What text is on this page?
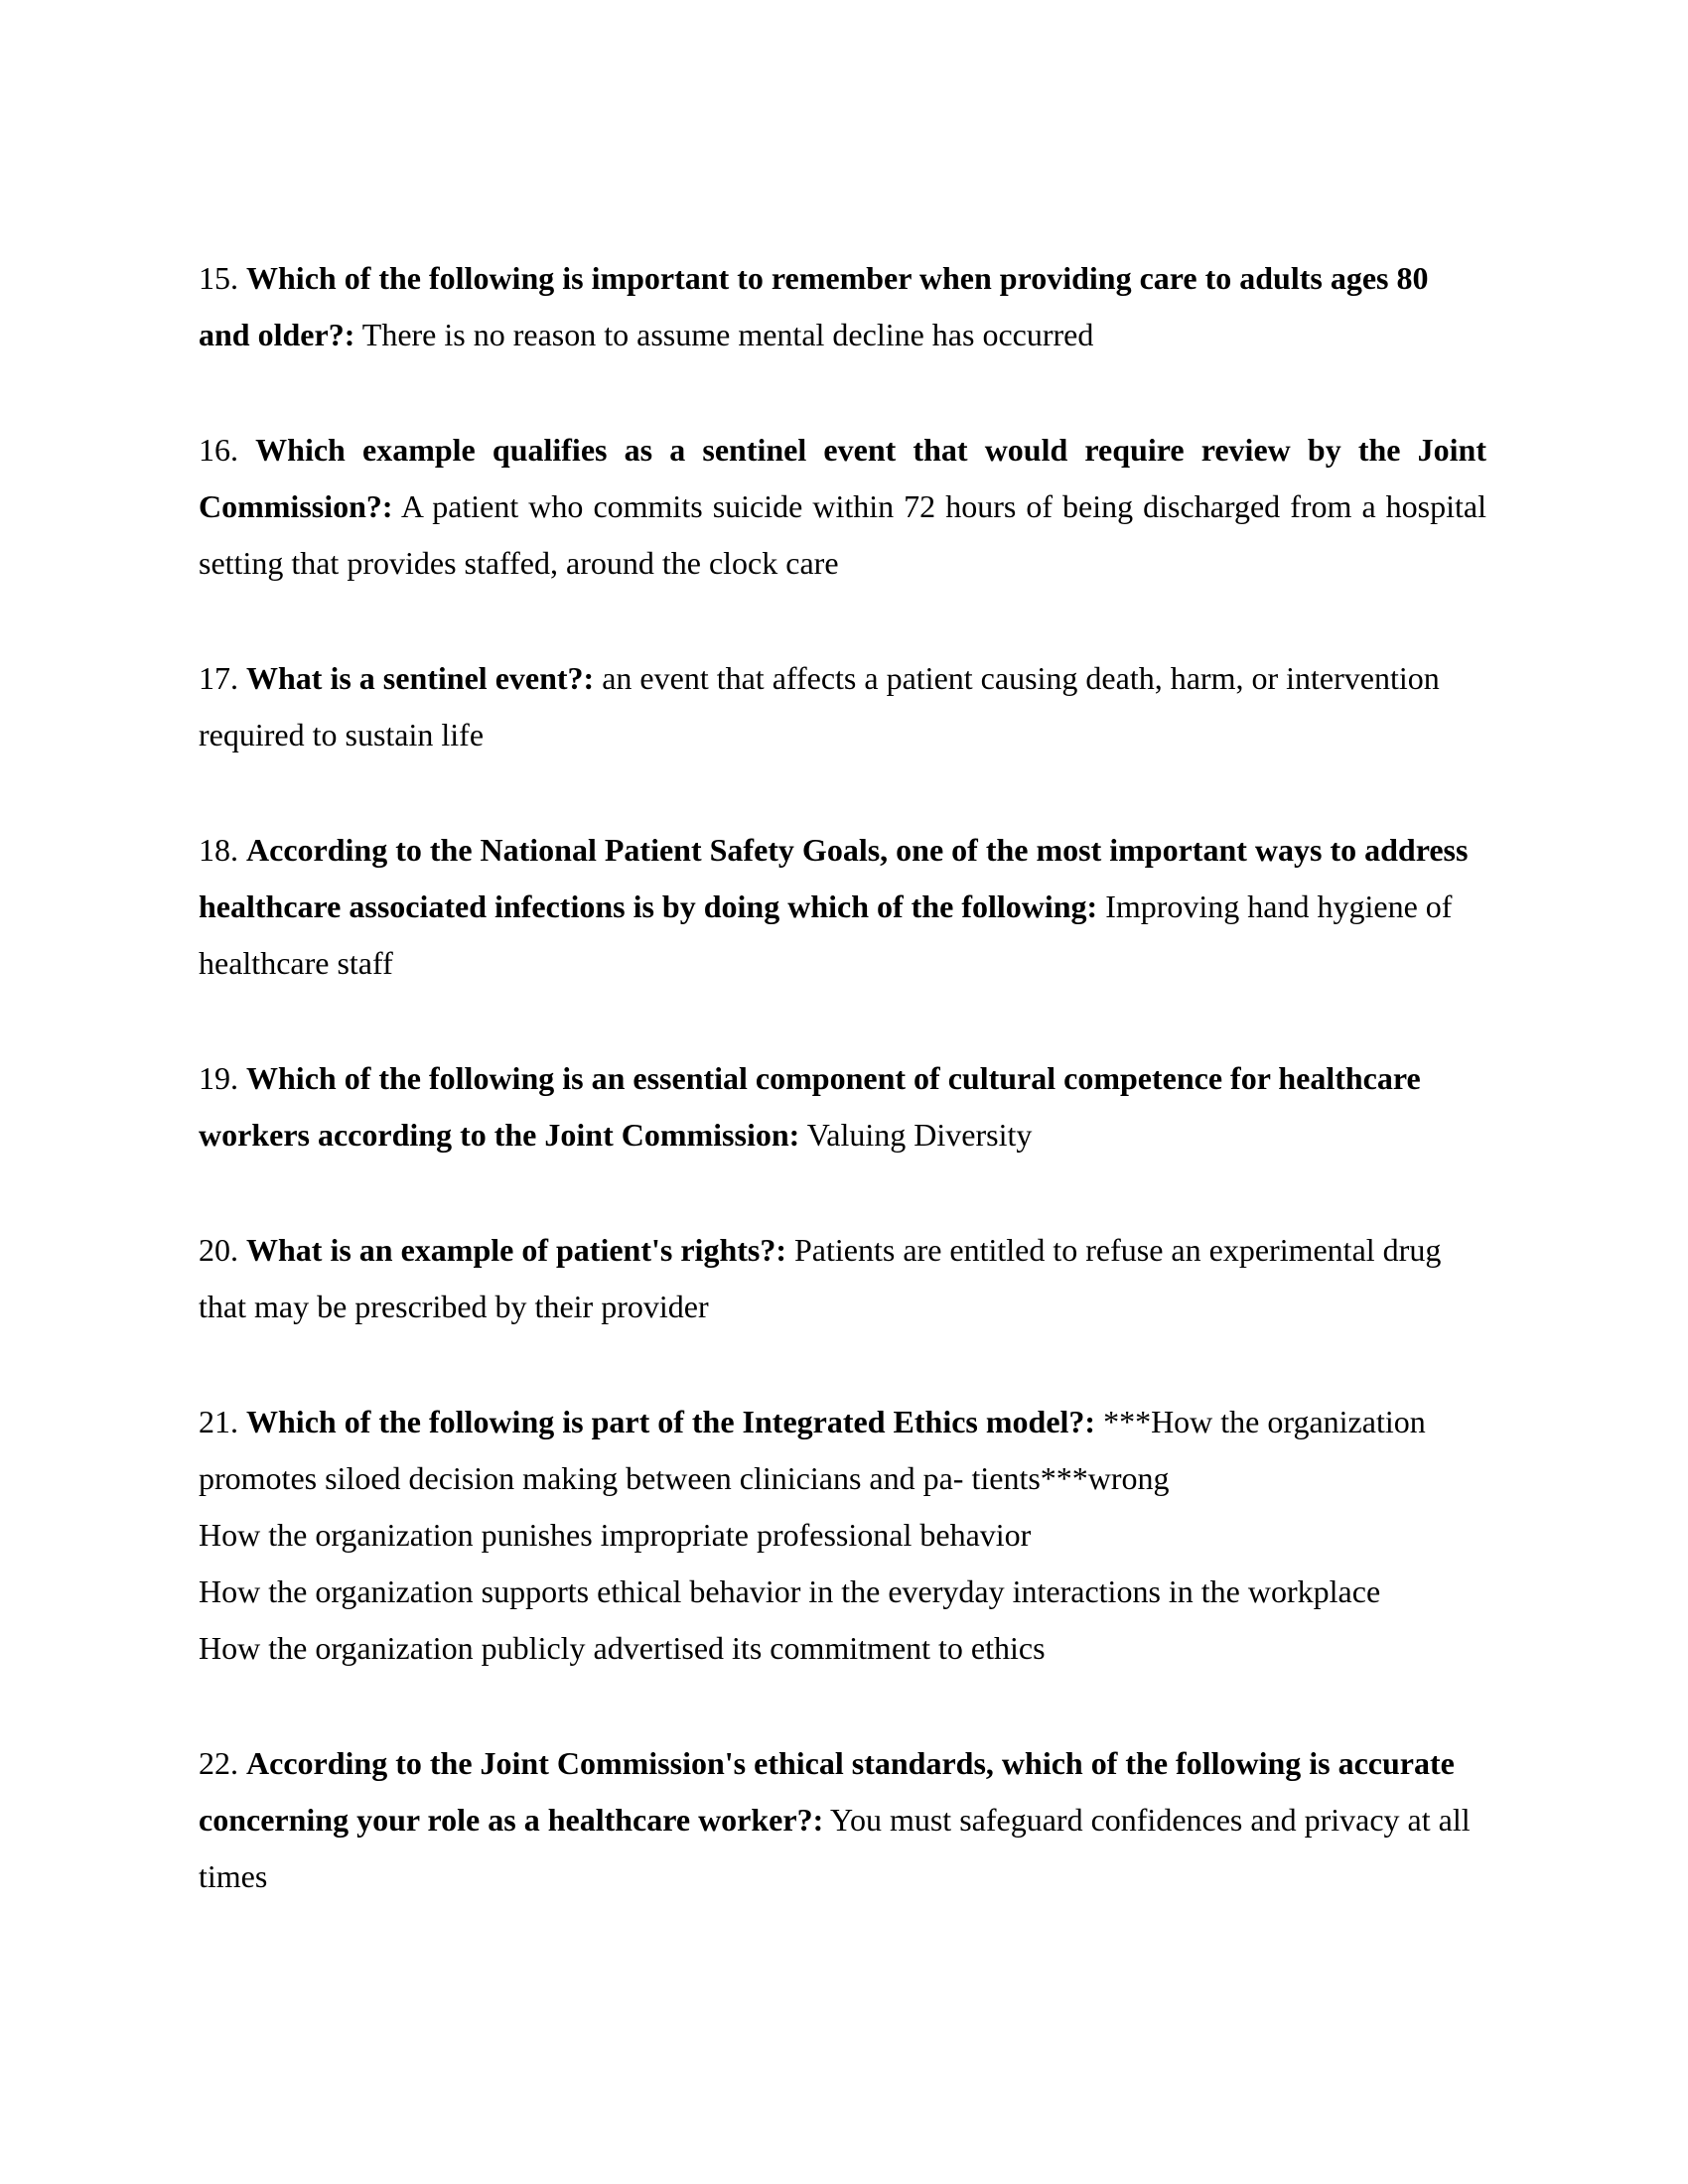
15. Which of the following is important to remember when providing care to adults ages 80 and older?: There is no reason to assume mental decline has occurred

16. Which example qualifies as a sentinel event that would require review by the Joint Commission?: A patient who commits suicide within 72 hours of being discharged from a hospital setting that provides staffed, around the clock care

17. What is a sentinel event?: an event that affects a patient causing death, harm, or intervention required to sustain life

18. According to the National Patient Safety Goals, one of the most important ways to address healthcare associated infections is by doing which of the following: Improving hand hygiene of healthcare staff

19. Which of the following is an essential component of cultural competence for healthcare workers according to the Joint Commission: Valuing Diversity

20. What is an example of patient's rights?: Patients are entitled to refuse an experimental drug that may be prescribed by their provider

21. Which of the following is part of the Integrated Ethics model?: ***How the organization promotes siloed decision making between clinicians and pa- tients***wrong

How the organization punishes impropriate professional behavior
How the organization supports ethical behavior in the everyday interactions in the workplace
How the organization publicly advertised its commitment to ethics

22. According to the Joint Commission's ethical standards, which of the following is accurate concerning your role as a healthcare worker?: You must safeguard confidences and privacy at all times
